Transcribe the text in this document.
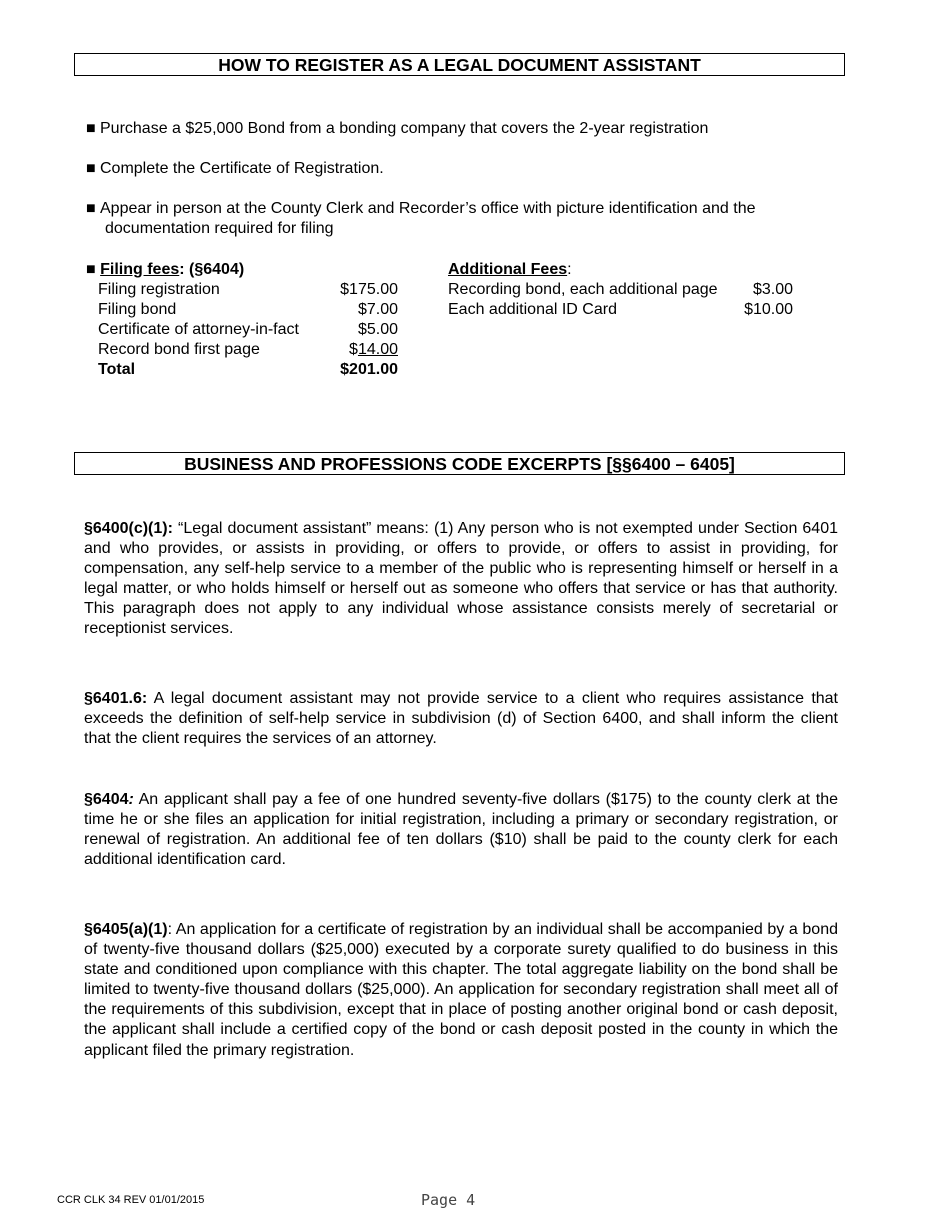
HOW TO REGISTER AS A LEGAL DOCUMENT ASSISTANT
■ Purchase a $25,000 Bond from a bonding company that covers the 2-year registration
■ Complete the Certificate of Registration.
■ Appear in person at the County Clerk and Recorder’s office with picture identification and the documentation required for filing
■ Filing fees: (§6404)
Filing registration	$175.00
Filing bond	$7.00
Certificate of attorney-in-fact	$5.00
Record bond first page	$14.00
Total	$201.00
Additional Fees:
Recording bond, each additional page $3.00
Each additional ID Card	$10.00
BUSINESS AND PROFESSIONS CODE EXCERPTS [§§6400 – 6405]
§6400(c)(1): “Legal document assistant” means: (1) Any person who is not exempted under Section 6401 and who provides, or assists in providing, or offers to provide, or offers to assist in providing, for compensation, any self-help service to a member of the public who is representing himself or herself in a legal matter, or who holds himself or herself out as someone who offers that service or has that authority. This paragraph does not apply to any individual whose assistance consists merely of secretarial or receptionist services.
§6401.6: A legal document assistant may not provide service to a client who requires assistance that exceeds the definition of self-help service in subdivision (d) of Section 6400, and shall inform the client that the client requires the services of an attorney.
§6404: An applicant shall pay a fee of one hundred seventy-five dollars ($175) to the county clerk at the time he or she files an application for initial registration, including a primary or secondary registration, or renewal of registration. An additional fee of ten dollars ($10) shall be paid to the county clerk for each additional identification card.
§6405(a)(1): An application for a certificate of registration by an individual shall be accompanied by a bond of twenty-five thousand dollars ($25,000) executed by a corporate surety qualified to do business in this state and conditioned upon compliance with this chapter. The total aggregate liability on the bond shall be limited to twenty-five thousand dollars ($25,000). An application for secondary registration shall meet all of the requirements of this subdivision, except that in place of posting another original bond or cash deposit, the applicant shall include a certified copy of the bond or cash deposit posted in the county in which the applicant filed the primary registration.
CCR CLK 34 REV 01/01/2015	Page 4
